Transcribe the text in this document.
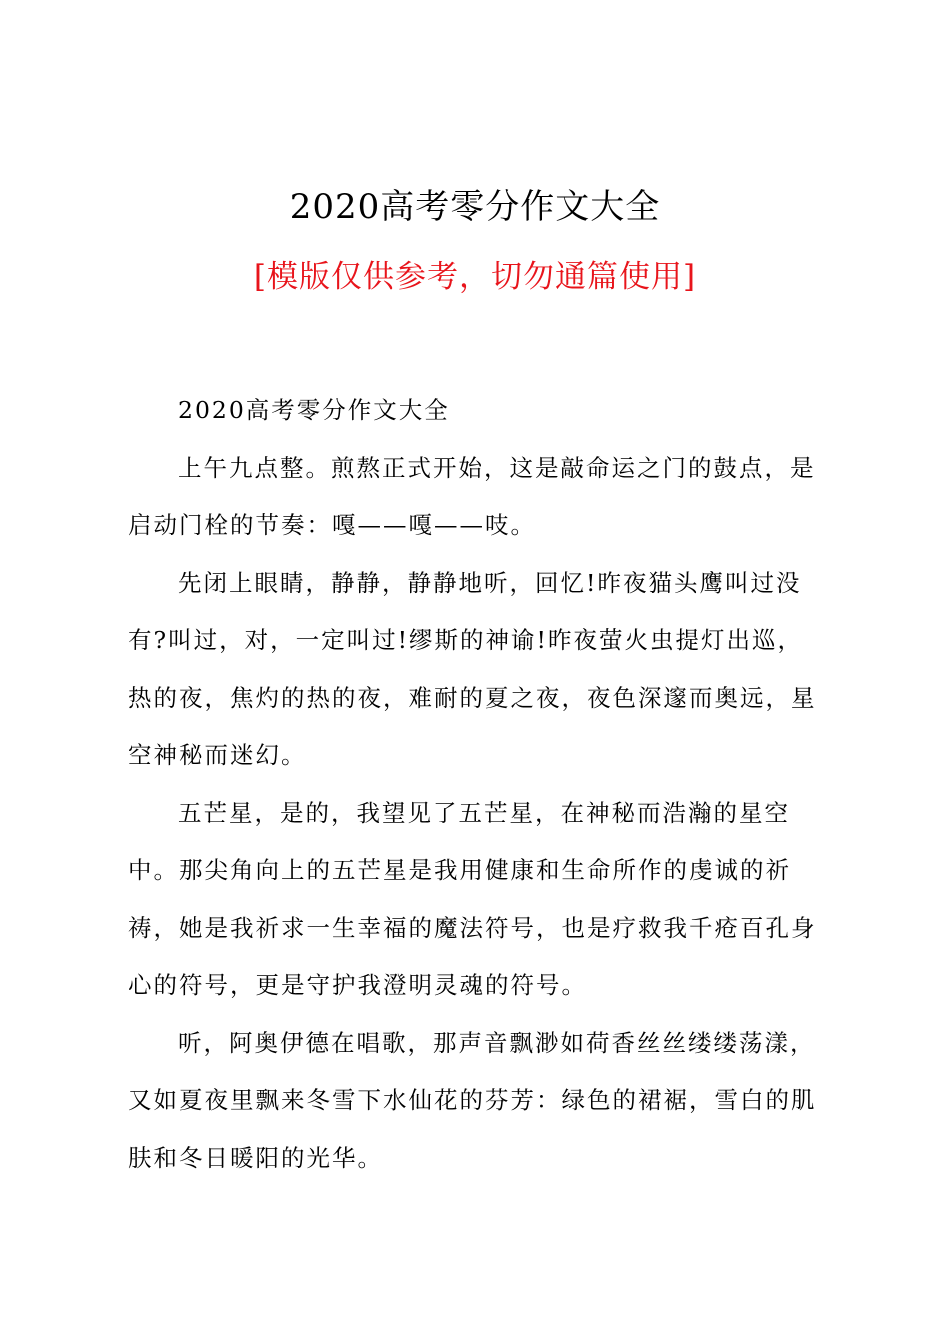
2020高考零分作文大全

[模版仅供参考，切勿通篇使用]

2020高考零分作文大全

上午九点整。煎熬正式开始，这是敲命运之门的鼓点，是启动门栓的节奏：嘎——嘎——吱。

先闭上眼睛，静静，静静地听，回忆!昨夜猫头鹰叫过没有?叫过，对，一定叫过!缪斯的神谕!昨夜萤火虫提灯出巡，热的夜，焦灼的热的夜，难耐的夏之夜，夜色深邃而奥远，星空神秘而迷幻。

五芒星，是的，我望见了五芒星，在神秘而浩瀚的星空中。那尖角向上的五芒星是我用健康和生命所作的虔诚的祈祷，她是我祈求一生幸福的魔法符号，也是疗救我千疮百孔身心的符号，更是守护我澄明灵魂的符号。

听，阿奥伊德在唱歌，那声音飘渺如荷香丝丝缕缕荡漾，又如夏夜里飘来冬雪下水仙花的芬芳：绿色的裙裾，雪白的肌肤和冬日暖阳的光华。
